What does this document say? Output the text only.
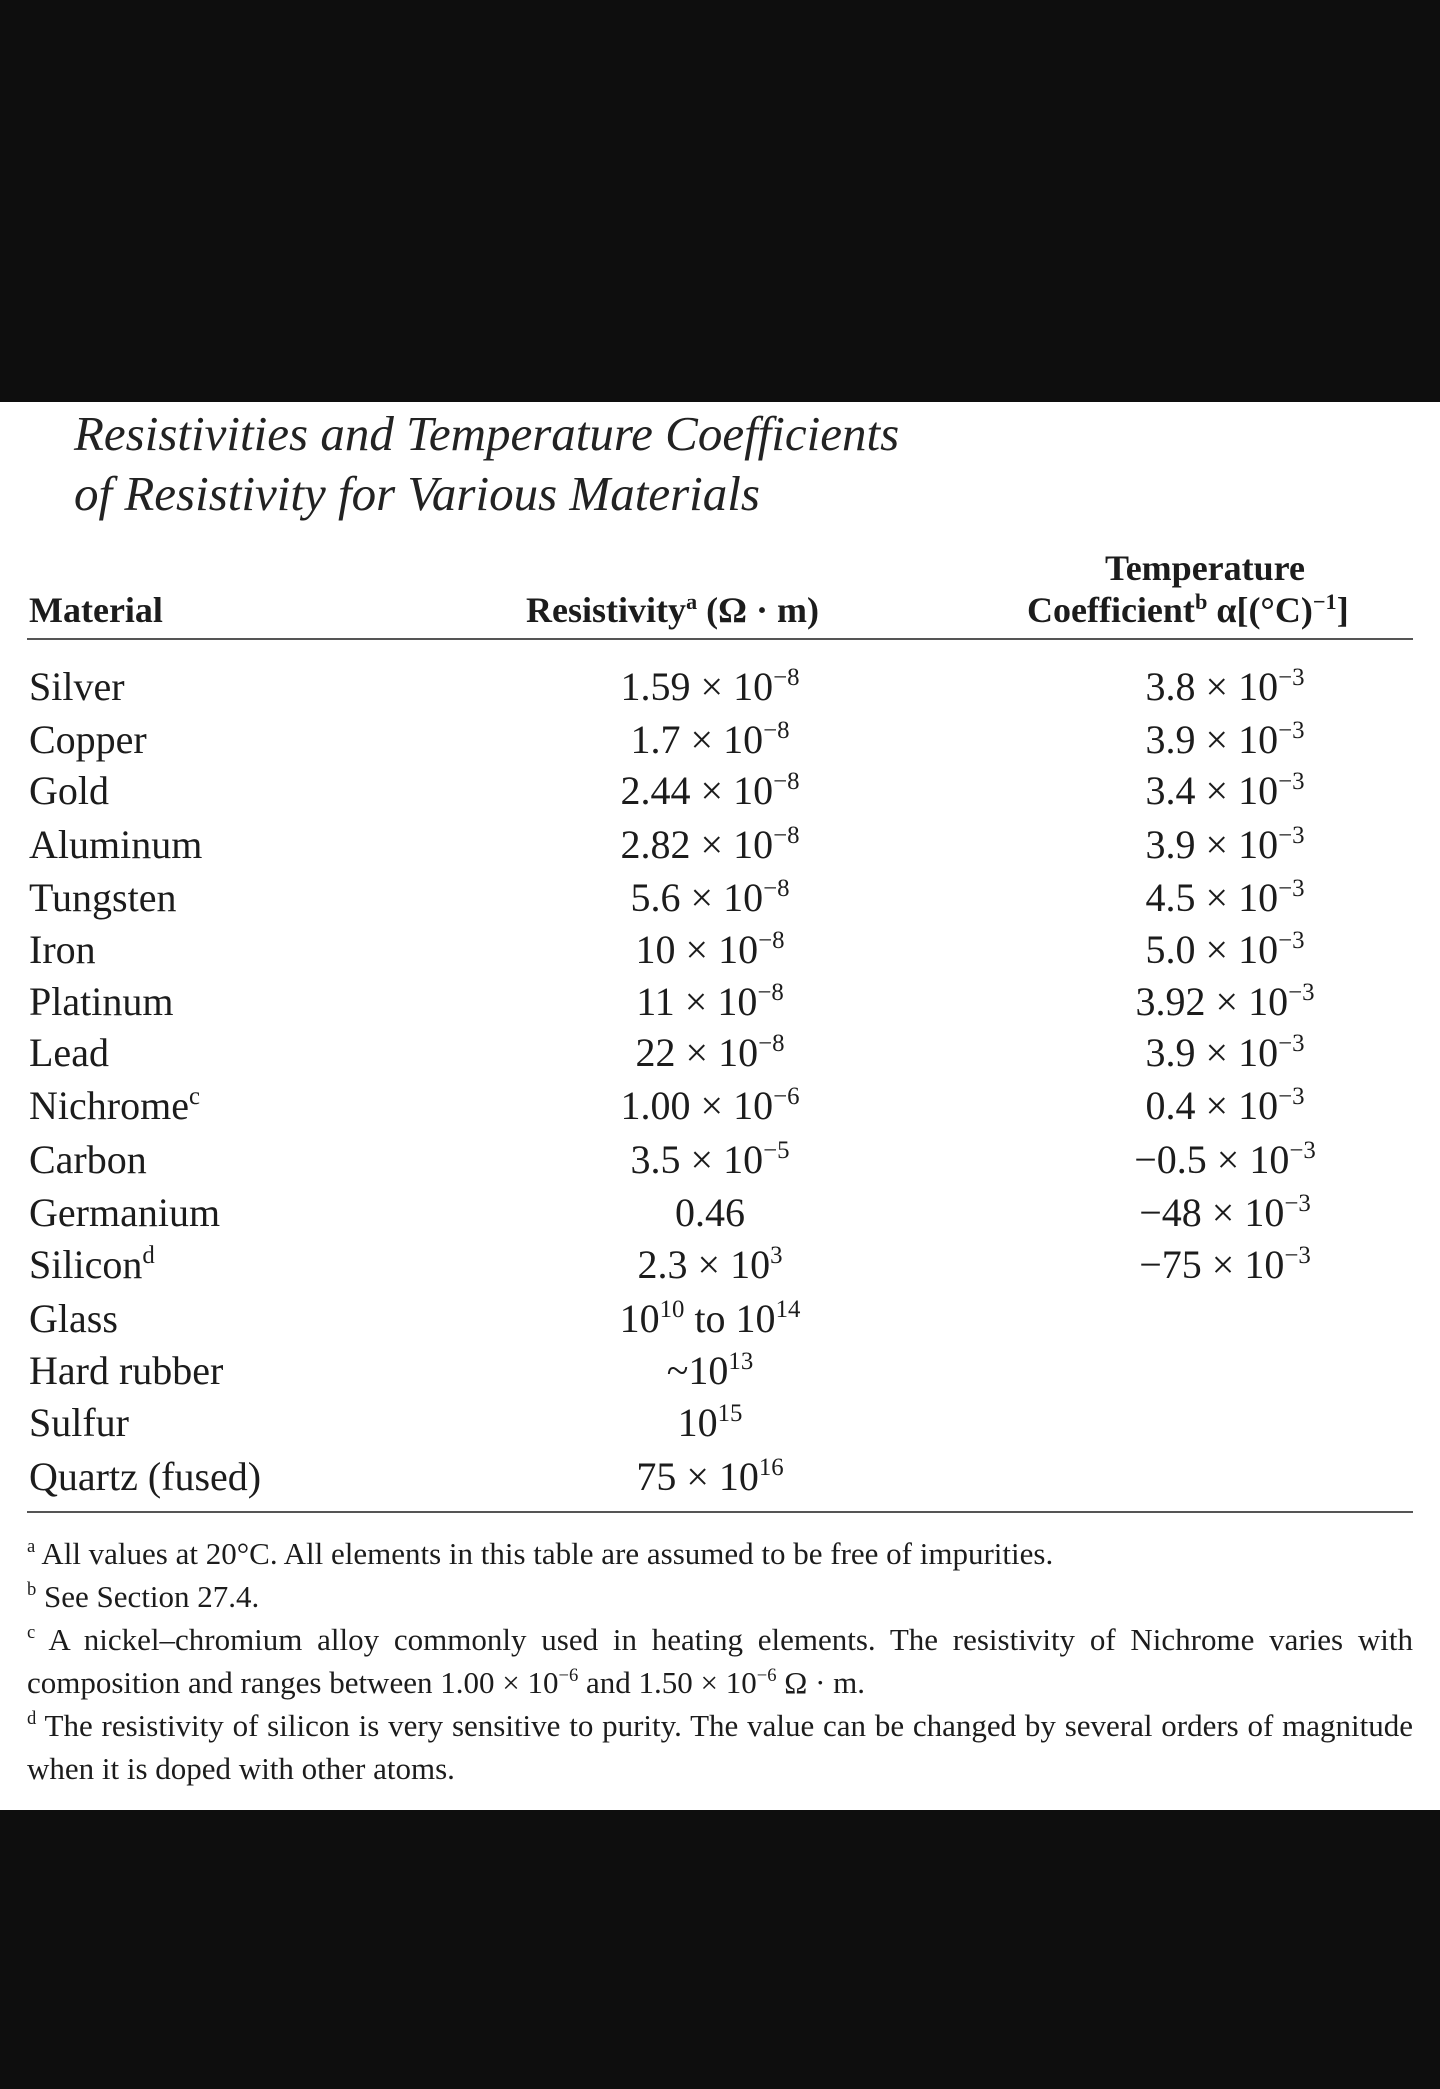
Resistivities and Temperature Coefficients
of Resistivity for Various Materials
Material	Resistivity$^a$ (Ω · m)
Temperature
Coefficient$^b$ $\alpha[(^\circ C)^{-1}]$
Silver	$1.59 \times 10^{-8}$	$3.8 \times 10^{-3}$
Copper	$1.7 \times 10^{-8}$	$3.9 \times 10^{-3}$
Gold	$2.44 \times 10^{-8}$	$3.4 \times 10^{-3}$
Aluminum	$2.82 \times 10^{-8}$	$3.9 \times 10^{-3}$
Tungsten	$5.6 \times 10^{-8}$	$4.5 \times 10^{-3}$
Iron	$10 \times 10^{-8}$	$5.0 \times 10^{-3}$
Platinum	$11 \times 10^{-8}$	$3.92 \times 10^{-3}$
Lead	$22 \times 10^{-8}$	$3.9 \times 10^{-3}$
Nichrome$^c$	$1.00 \times 10^{-6}$	$0.4 \times 10^{-3}$
Carbon	$3.5 \times 10^{-5}$	$-0.5 \times 10^{-3}$
Germanium	0.46	$-48 \times 10^{-3}$
Silicon$^d$	$2.3 \times 10^3$	$-75 \times 10^{-3}$
Glass	$10^{10}$ to $10^{14}$
Hard rubber	$\sim 10^{13}$
Sulfur	$10^{15}$
Quartz (fused)	$75 \times 10^{16}$
$^a$ All values at 20°C. All elements in this table are assumed to be free of impurities.
$^b$ See Section 27.4.
$^c$ A nickel–chromium alloy commonly used in heating elements. The resistivity of Nichrome varies with composition and ranges between $1.00 \times 10^{-6}$ and $1.50 \times 10^{-6}$ Ω · m.
$^d$ The resistivity of silicon is very sensitive to purity. The value can be changed by several orders of magnitude when it is doped with other atoms.
